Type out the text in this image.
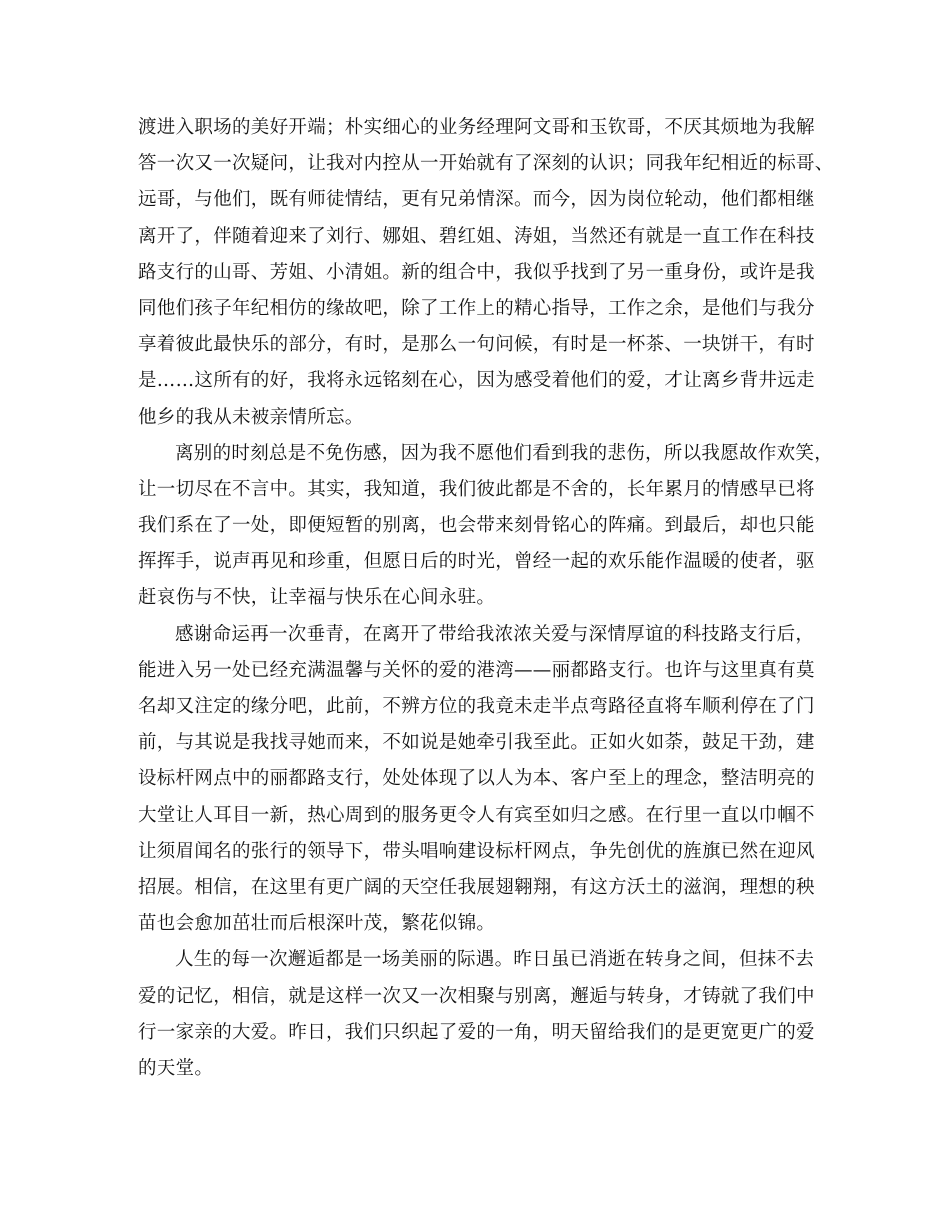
渡进入职场的美好开端；朴实细心的业务经理阿文哥和玉钦哥，不厌其烦地为我解
答一次又一次疑问，让我对内控从一开始就有了深刻的认识；同我年纪相近的标哥、
远哥，与他们，既有师徒情结，更有兄弟情深。而今，因为岗位轮动，他们都相继
离开了，伴随着迎来了刘行、娜姐、碧红姐、涛姐，当然还有就是一直工作在科技
路支行的山哥、芳姐、小清姐。新的组合中，我似乎找到了另一重身份，或许是我
同他们孩子年纪相仿的缘故吧，除了工作上的精心指导，工作之余，是他们与我分
享着彼此最快乐的部分，有时，是那么一句问候，有时是一杯茶、一块饼干，有时
是……这所有的好，我将永远铭刻在心，因为感受着他们的爱，才让离乡背井远走
他乡的我从未被亲情所忘。
离别的时刻总是不免伤感，因为我不愿他们看到我的悲伤，所以我愿故作欢笑，
让一切尽在不言中。其实，我知道，我们彼此都是不舍的，长年累月的情感早已将
我们系在了一处，即便短暂的别离，也会带来刻骨铭心的阵痛。到最后，却也只能
挥挥手，说声再见和珍重，但愿日后的时光，曾经一起的欢乐能作温暖的使者，驱
赶哀伤与不快，让幸福与快乐在心间永驻。
感谢命运再一次垂青，在离开了带给我浓浓关爱与深情厚谊的科技路支行后，
能进入另一处已经充满温馨与关怀的爱的港湾——丽都路支行。也许与这里真有莫
名却又注定的缘分吧，此前，不辨方位的我竟未走半点弯路径直将车顺利停在了门
前，与其说是我找寻她而来，不如说是她牵引我至此。正如火如荼，鼓足干劲，建
设标杆网点中的丽都路支行，处处体现了以人为本、客户至上的理念，整洁明亮的
大堂让人耳目一新，热心周到的服务更令人有宾至如归之感。在行里一直以巾帼不
让须眉闻名的张行的领导下，带头唱响建设标杆网点，争先创优的旌旗已然在迎风
招展。相信，在这里有更广阔的天空任我展翅翱翔，有这方沃土的滋润，理想的秧
苗也会愈加茁壮而后根深叶茂，繁花似锦。
人生的每一次邂逅都是一场美丽的际遇。昨日虽已消逝在转身之间，但抹不去
爱的记忆，相信，就是这样一次又一次相聚与别离，邂逅与转身，才铸就了我们中
行一家亲的大爱。昨日，我们只织起了爱的一角，明天留给我们的是更宽更广的爱
的天堂。
